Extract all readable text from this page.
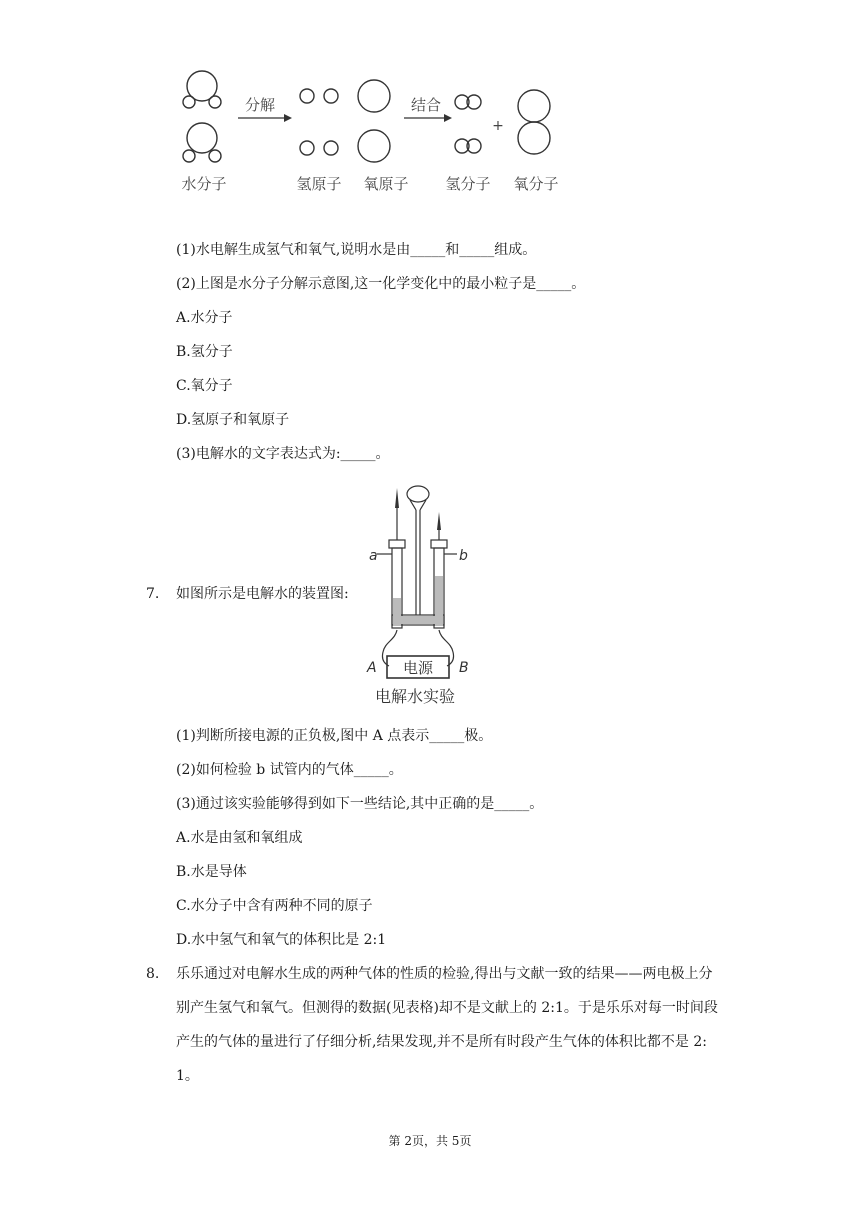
分解	结合
+
水分子	氢原子 氧原子 氢分子 氧分子
(1)水电解生成氢气和氧气,说明水是由_____和_____组成。
(2)上图是水分子分解示意图,这一化学变化中的最小粒子是_____。
A.水分子
B.氢分子
C.氧分子
D.氢原子和氧原子
(3)电解水的文字表达式为:_____。
7. 如图所示是电解水的装置图:
a	b
A	B
电源
电解水实验
(1)判断所接电源的正负极,图中 A 点表示_____极。
(2)如何检验 b 试管内的气体_____。
(3)通过该实验能够得到如下一些结论,其中正确的是_____。
A.水是由氢和氧组成
B.水是导体
C.水分子中含有两种不同的原子
D.水中氢气和氧气的体积比是 2:1
8. 乐乐通过对电解水生成的两种气体的性质的检验,得出与文献一致的结果——两电极上分别产生氢气和氧气。但测得的数据(见表格)却不是文献上的 2:1。于是乐乐对每一时间段产生的气体的量进行了仔细分析,结果发现,并不是所有时段产生气体的体积比都不是 2: 1。
第 2页，共 5页
